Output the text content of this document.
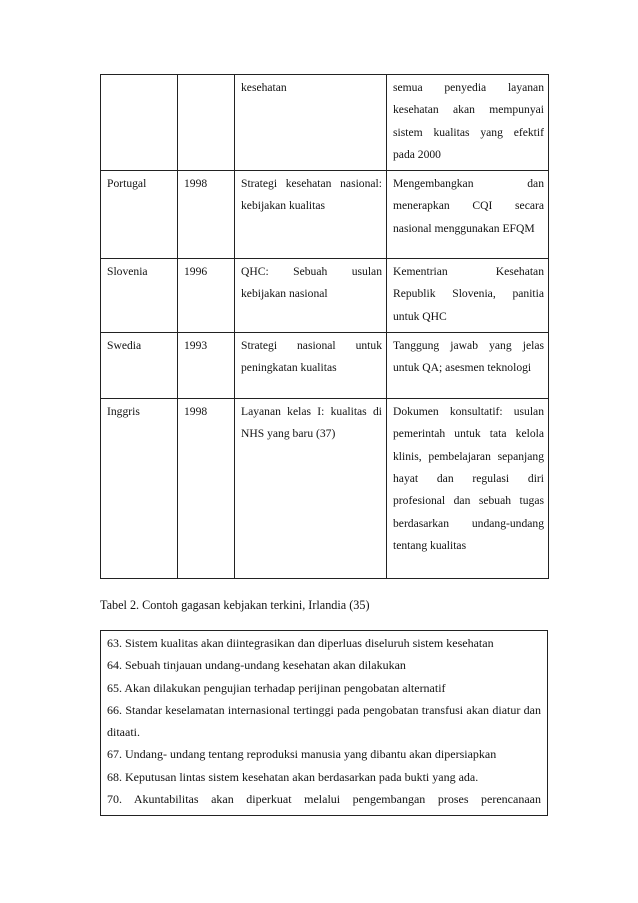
		kesehatan	semua penyedia layanan kesehatan akan mempunyai sistem kualitas yang efektif pada 2000
Portugal	1998	Strategi kesehatan nasional: kebijakan kualitas	Mengembangkan dan menerapkan CQI secara nasional menggunakan EFQM
Slovenia	1996	QHC: Sebuah usulan kebijakan nasional	Kementrian Kesehatan Republik Slovenia, panitia untuk QHC
Swedia	1993	Strategi nasional untuk peningkatan kualitas	Tanggung jawab yang jelas untuk QA; asesmen teknologi
Inggris	1998	Layanan kelas I: kualitas di NHS yang baru (37)	Dokumen konsultatif: usulan pemerintah untuk tata kelola klinis, pembelajaran sepanjang hayat dan regulasi diri profesional dan sebuah tugas berdasarkan undang-undang tentang kualitas
Tabel 2. Contoh gagasan kebjakan terkini, Irlandia (35)
63. Sistem kualitas akan diintegrasikan dan diperluas diseluruh sistem kesehatan
64. Sebuah tinjauan undang-undang kesehatan akan dilakukan
65. Akan dilakukan pengujian terhadap perijinan pengobatan alternatif
66. Standar keselamatan internasional tertinggi pada pengobatan transfusi akan diatur dan ditaati.
67. Undang- undang tentang reproduksi manusia yang dibantu akan dipersiapkan
68. Keputusan lintas sistem kesehatan akan berdasarkan pada bukti yang ada.
70. Akuntabilitas akan diperkuat melalui pengembangan proses perencanaan
